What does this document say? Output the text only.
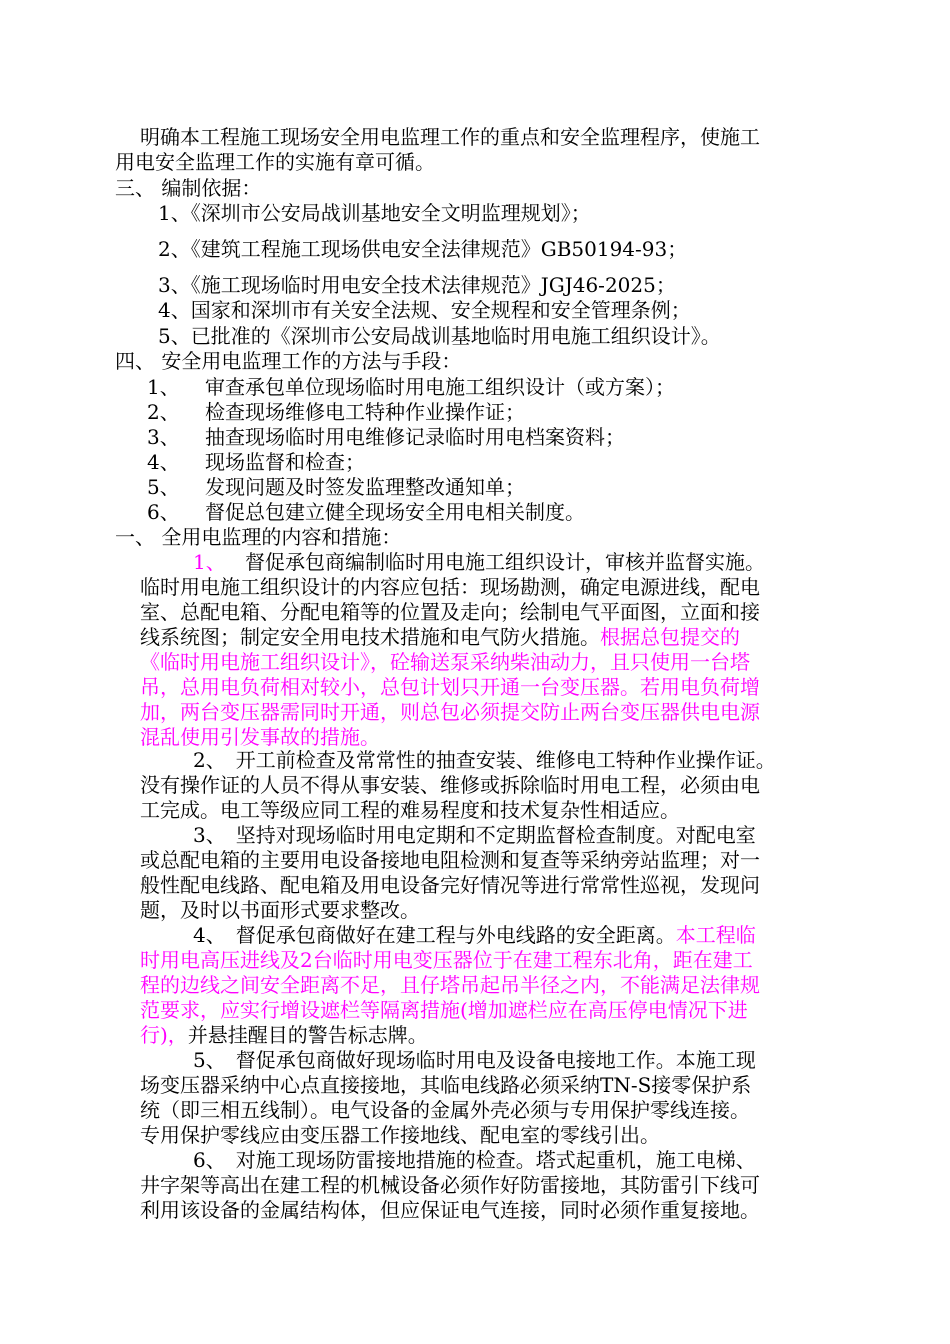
明确本工程施工现场安全用电监理工作的重点和安全监理程序，使施工
用电安全监理工作的实施有章可循。
三、 编制依据：
1、《深圳市公安局战训基地安全文明监理规划》；
2、《建筑工程施工现场供电安全法律规范》GB50194-93；
3、《施工现场临时用电安全技术法律规范》JGJ46-2025；
4、国家和深圳市有关安全法规、安全规程和安全管理条例；
5、已批准的《深圳市公安局战训基地临时用电施工组织设计》。
四、 安全用电监理工作的方法与手段：
1、 审查承包单位现场临时用电施工组织设计（或方案）；
2、 检查现场维修电工特种作业操作证；
3、 抽查现场临时用电维修记录临时用电档案资料；
4、 现场监督和检查；
5、 发现问题及时签发监理整改通知单；
6、 督促总包建立健全现场安全用电相关制度。
一、 全用电监理的内容和措施：
1、 督促承包商编制临时用电施工组织设计，审核并监督实施。
临时用电施工组织设计的内容应包括：现场勘测，确定电源进线，配电
室、总配电箱、分配电箱等的位置及走向；绘制电气平面图，立面和接
线系统图；制定安全用电技术措施和电气防火措施。根据总包提交的
《临时用电施工组织设计》，砼输送泵采纳柴油动力，且只使用一台塔
吊，总用电负荷相对较小，总包计划只开通一台变压器。若用电负荷增
加，两台变压器需同时开通，则总包必须提交防止两台变压器供电电源
混乱使用引发事故的措施。
2、　开工前检查及常常性的抽查安装、维修电工特种作业操作证。
没有操作证的人员不得从事安装、维修或拆除临时用电工程，必须由电
工完成。电工等级应同工程的难易程度和技术复杂性相适应。
3、　坚持对现场临时用电定期和不定期监督检查制度。对配电室
或总配电箱的主要用电设备接地电阻检测和复查等采纳旁站监理；对一
般性配电线路、配电箱及用电设备完好情况等进行常常性巡视，发现问
题，及时以书面形式要求整改。
4、　督促承包商做好在建工程与外电线路的安全距离。本工程临
时用电高压进线及2台临时用电变压器位于在建工程东北角，距在建工
程的边线之间安全距离不足，且仔塔吊起吊半径之内，不能满足法律规
范要求，应实行增设遮栏等隔离措施(增加遮栏应在高压停电情况下进
行)，并悬挂醒目的警告标志牌。
5、　督促承包商做好现场临时用电及设备电接地工作。本施工现
场变压器采纳中心点直接接地，其临电线路必须采纳TN-S接零保护系
统（即三相五线制）。电气设备的金属外壳必须与专用保护零线连接。
专用保护零线应由变压器工作接地线、配电室的零线引出。
6、　对施工现场防雷接地措施的检查。塔式起重机，施工电梯、
井字架等高出在建工程的机械设备必须作好防雷接地，其防雷引下线可
利用该设备的金属结构体，但应保证电气连接，同时必须作重复接地。
